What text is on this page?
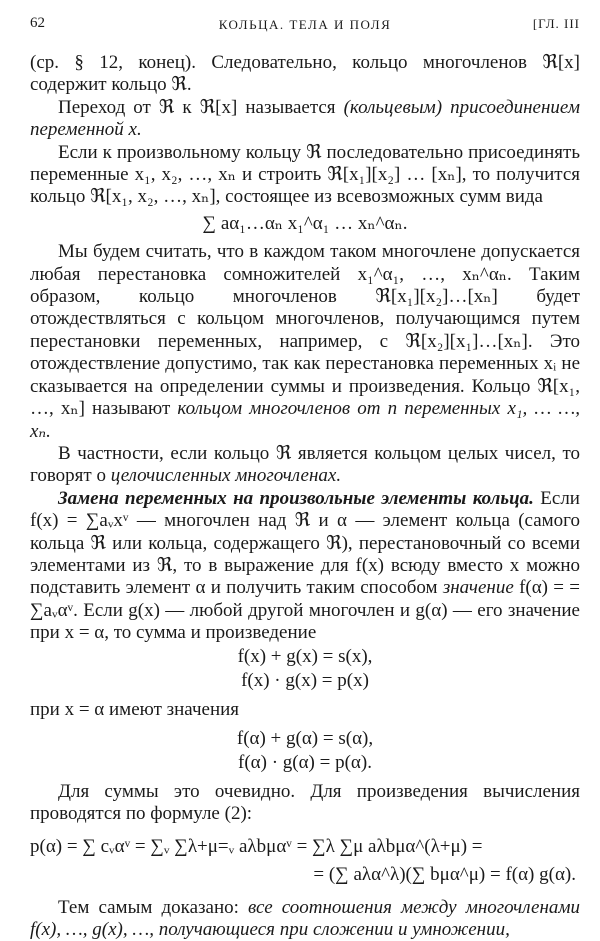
62	КОЛЬЦА. ТЕЛА И ПОЛЯ	[ГЛ. III

(ср. § 12, конец). Следовательно, кольцо многочленов ℜ[x] содержит кольцо ℜ.

Переход от ℜ к ℜ[x] называется (кольцевым) присоединением переменной x.

Если к произвольному кольцу ℜ последовательно присоединять переменные x₁, x₂, …, xₙ и строить ℜ[x₁][x₂] … [xₙ], то получится кольцо ℜ[x₁, x₂, …, xₙ], состоящее из всевозможных сумм вида

∑ aα₁…αₙ x₁^α₁ … xₙ^αₙ.

Мы будем считать, что в каждом таком многочлене допускается любая перестановка сомножителей x₁^α₁, …, xₙ^αₙ. Таким образом, кольцо многочленов ℜ[x₁][x₂]…[xₙ] будет отождествляться с кольцом многочленов, получающимся путем перестановки переменных, например, с ℜ[x₂][x₁]…[xₙ]. Это отождествление допустимо, так как перестановка переменных xᵢ не сказывается на определении суммы и произведения. Кольцо ℜ[x₁, …, xₙ] называют кольцом многочленов от n переменных x₁, … …, xₙ.

В частности, если кольцо ℜ является кольцом целых чисел, то говорят о целочисленных многочленах.

Замена переменных на произвольные элементы кольца. Если f(x) = ∑aᵥxᵛ — многочлен над ℜ и α — элемент кольца (самого кольца ℜ или кольца, содержащего ℜ), перестановочный со всеми элементами из ℜ, то в выражение для f(x) всюду вместо x можно подставить элемент α и получить таким способом значение f(α) = = ∑aᵥαᵛ. Если g(x) — любой другой многочлен и g(α) — его значение при x = α, то сумма и произведение

f(x) + g(x) = s(x),
f(x) · g(x) = p(x)

при x = α имеют значения

f(α) + g(α) = s(α),
f(α) · g(α) = p(α).

Для суммы это очевидно. Для произведения вычисления проводятся по формуле (2):

p(α) = ∑ cᵥαᵛ = ∑ᵥ ∑λ+μ=ᵥ aλbμαᵛ = ∑λ ∑μ aλbμα^(λ+μ) =
= (∑ aλα^λ)(∑ bμα^μ) = f(α) g(α).

Тем самым доказано: все соотношения между многочленами f(x), …, g(x), …, получающиеся при сложении и умножении,
